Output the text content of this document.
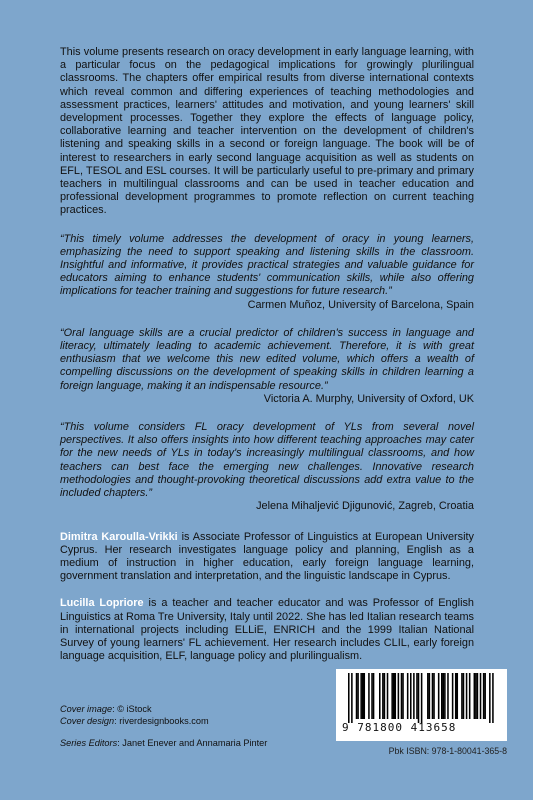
This volume presents research on oracy development in early language learning, with a particular focus on the pedagogical implications for growingly plurilingual classrooms. The chapters offer empirical results from diverse international contexts which reveal common and differing experiences of teaching methodologies and assessment practices, learners' attitudes and motivation, and young learners' skill development processes. Together they explore the effects of language policy, collaborative learning and teacher intervention on the development of children's listening and speaking skills in a second or foreign language. The book will be of interest to researchers in early second language acquisition as well as students on EFL, TESOL and ESL courses. It will be particularly useful to pre-primary and primary teachers in multilingual classrooms and can be used in teacher education and professional development programmes to promote reflection on current teaching practices.

“This timely volume addresses the development of oracy in young learners, emphasizing the need to support speaking and listening skills in the classroom. Insightful and informative, it provides practical strategies and valuable guidance for educators aiming to enhance students' communication skills, while also offering implications for teacher training and suggestions for future research.”

Carmen Muñoz, University of Barcelona, Spain

“Oral language skills are a crucial predictor of children's success in language and literacy, ultimately leading to academic achievement. Therefore, it is with great enthusiasm that we welcome this new edited volume, which offers a wealth of compelling discussions on the development of speaking skills in children learning a foreign language, making it an indispensable resource.”

Victoria A. Murphy, University of Oxford, UK

“This volume considers FL oracy development of YLs from several novel perspectives. It also offers insights into how different teaching approaches may cater for the new needs of YLs in today's increasingly multilingual classrooms, and how teachers can best face the emerging new challenges. Innovative research methodologies and thought-provoking theoretical discussions add extra value to the included chapters.”

Jelena Mihaljević Djigunović, Zagreb, Croatia

Dimitra Karoulla-Vrikki is Associate Professor of Linguistics at European University Cyprus. Her research investigates language policy and planning, English as a medium of instruction in higher education, early foreign language learning, government translation and interpretation, and the linguistic landscape in Cyprus.

Lucilla Lopriore is a teacher and teacher educator and was Professor of English Linguistics at Roma Tre University, Italy until 2022. She has led Italian research teams in international projects including ELLiE, ENRICH and the 1999 Italian National Survey of young learners' FL achievement. Her research includes CLIL, early foreign language acquisition, ELF, language policy and plurilingualism.

Cover image: © iStock
Cover design: riverdesignbooks.com
Series Editors: Janet Enever and Annamaria Pinter
9 781800 413658
Pbk ISBN: 978-1-80041-365-8
